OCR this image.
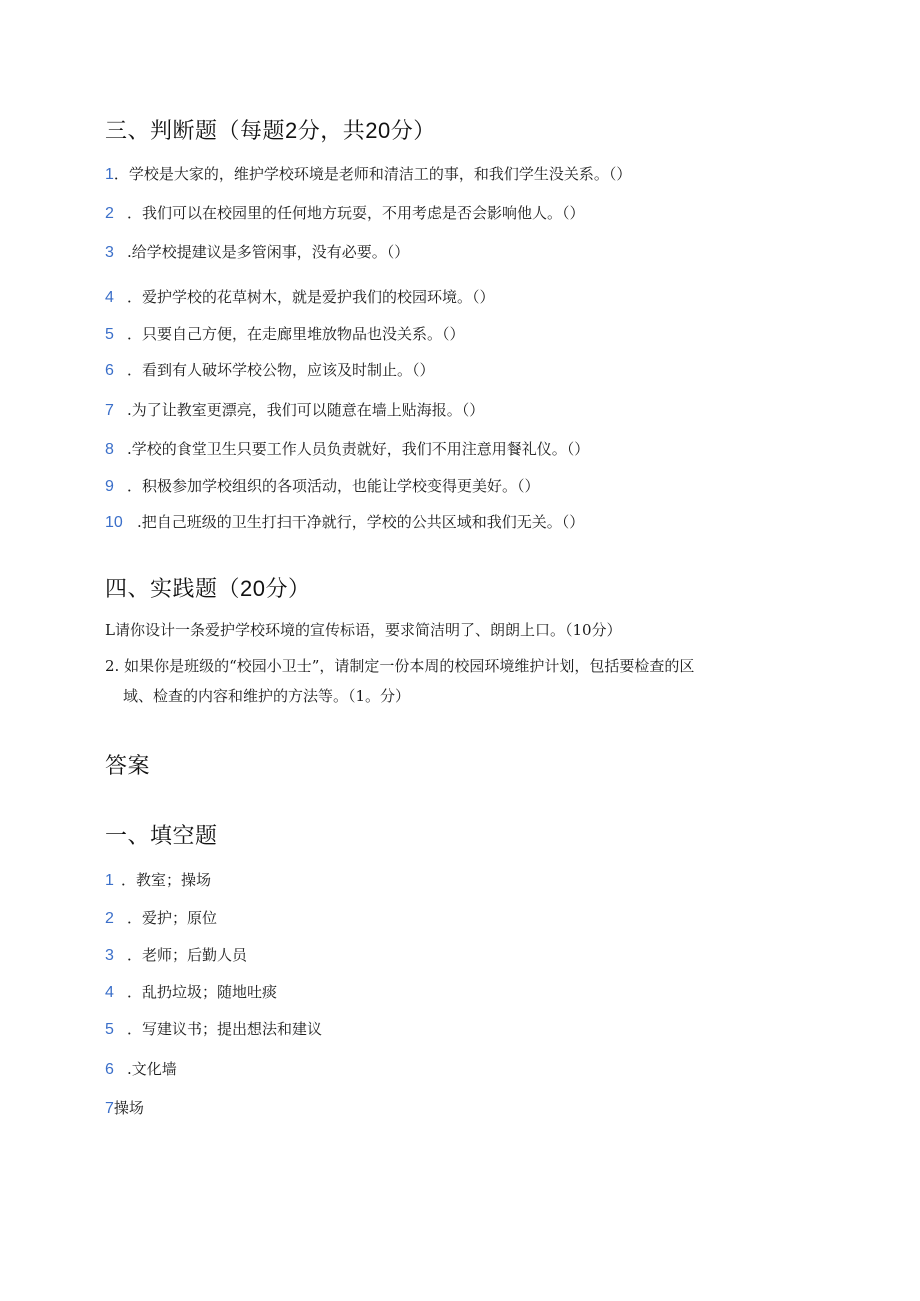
三、判断题（每题2分，共20分）
1．学校是大家的，维护学校环境是老师和清洁工的事，和我们学生没关系。（）
2 ．我们可以在校园里的任何地方玩耍，不用考虑是否会影响他人。（）
3 .给学校提建议是多管闲事，没有必要。（）
4 ．爱护学校的花草树木，就是爱护我们的校园环境。（）
5 ．只要自己方便，在走廊里堆放物品也没关系。（）
6 ．看到有人破坏学校公物，应该及时制止。（）
7 .为了让教室更漂亮，我们可以随意在墙上贴海报。（）
8 .学校的食堂卫生只要工作人员负责就好，我们不用注意用餐礼仪。（）
9 ．积极参加学校组织的各项活动，也能让学校变得更美好。（）
10 .把自己班级的卫生打扫干净就行，学校的公共区域和我们无关。（）
四、实践题（20分）
L请你设计一条爱护学校环境的宣传标语，要求简洁明了、朗朗上口。（10分）
2. 如果你是班级的“校园小卫士”，请制定一份本周的校园环境维护计划，包括要检查的区
域、检查的内容和维护的方法等。（1。分）
答案
一、填空题
1 ．教室；操场
2 ．爱护；原位
3 ．老师；后勤人员
4 ．乱扔垃圾；随地吐痰
5 ．写建议书；提出想法和建议
6 .文化墙
7操场
